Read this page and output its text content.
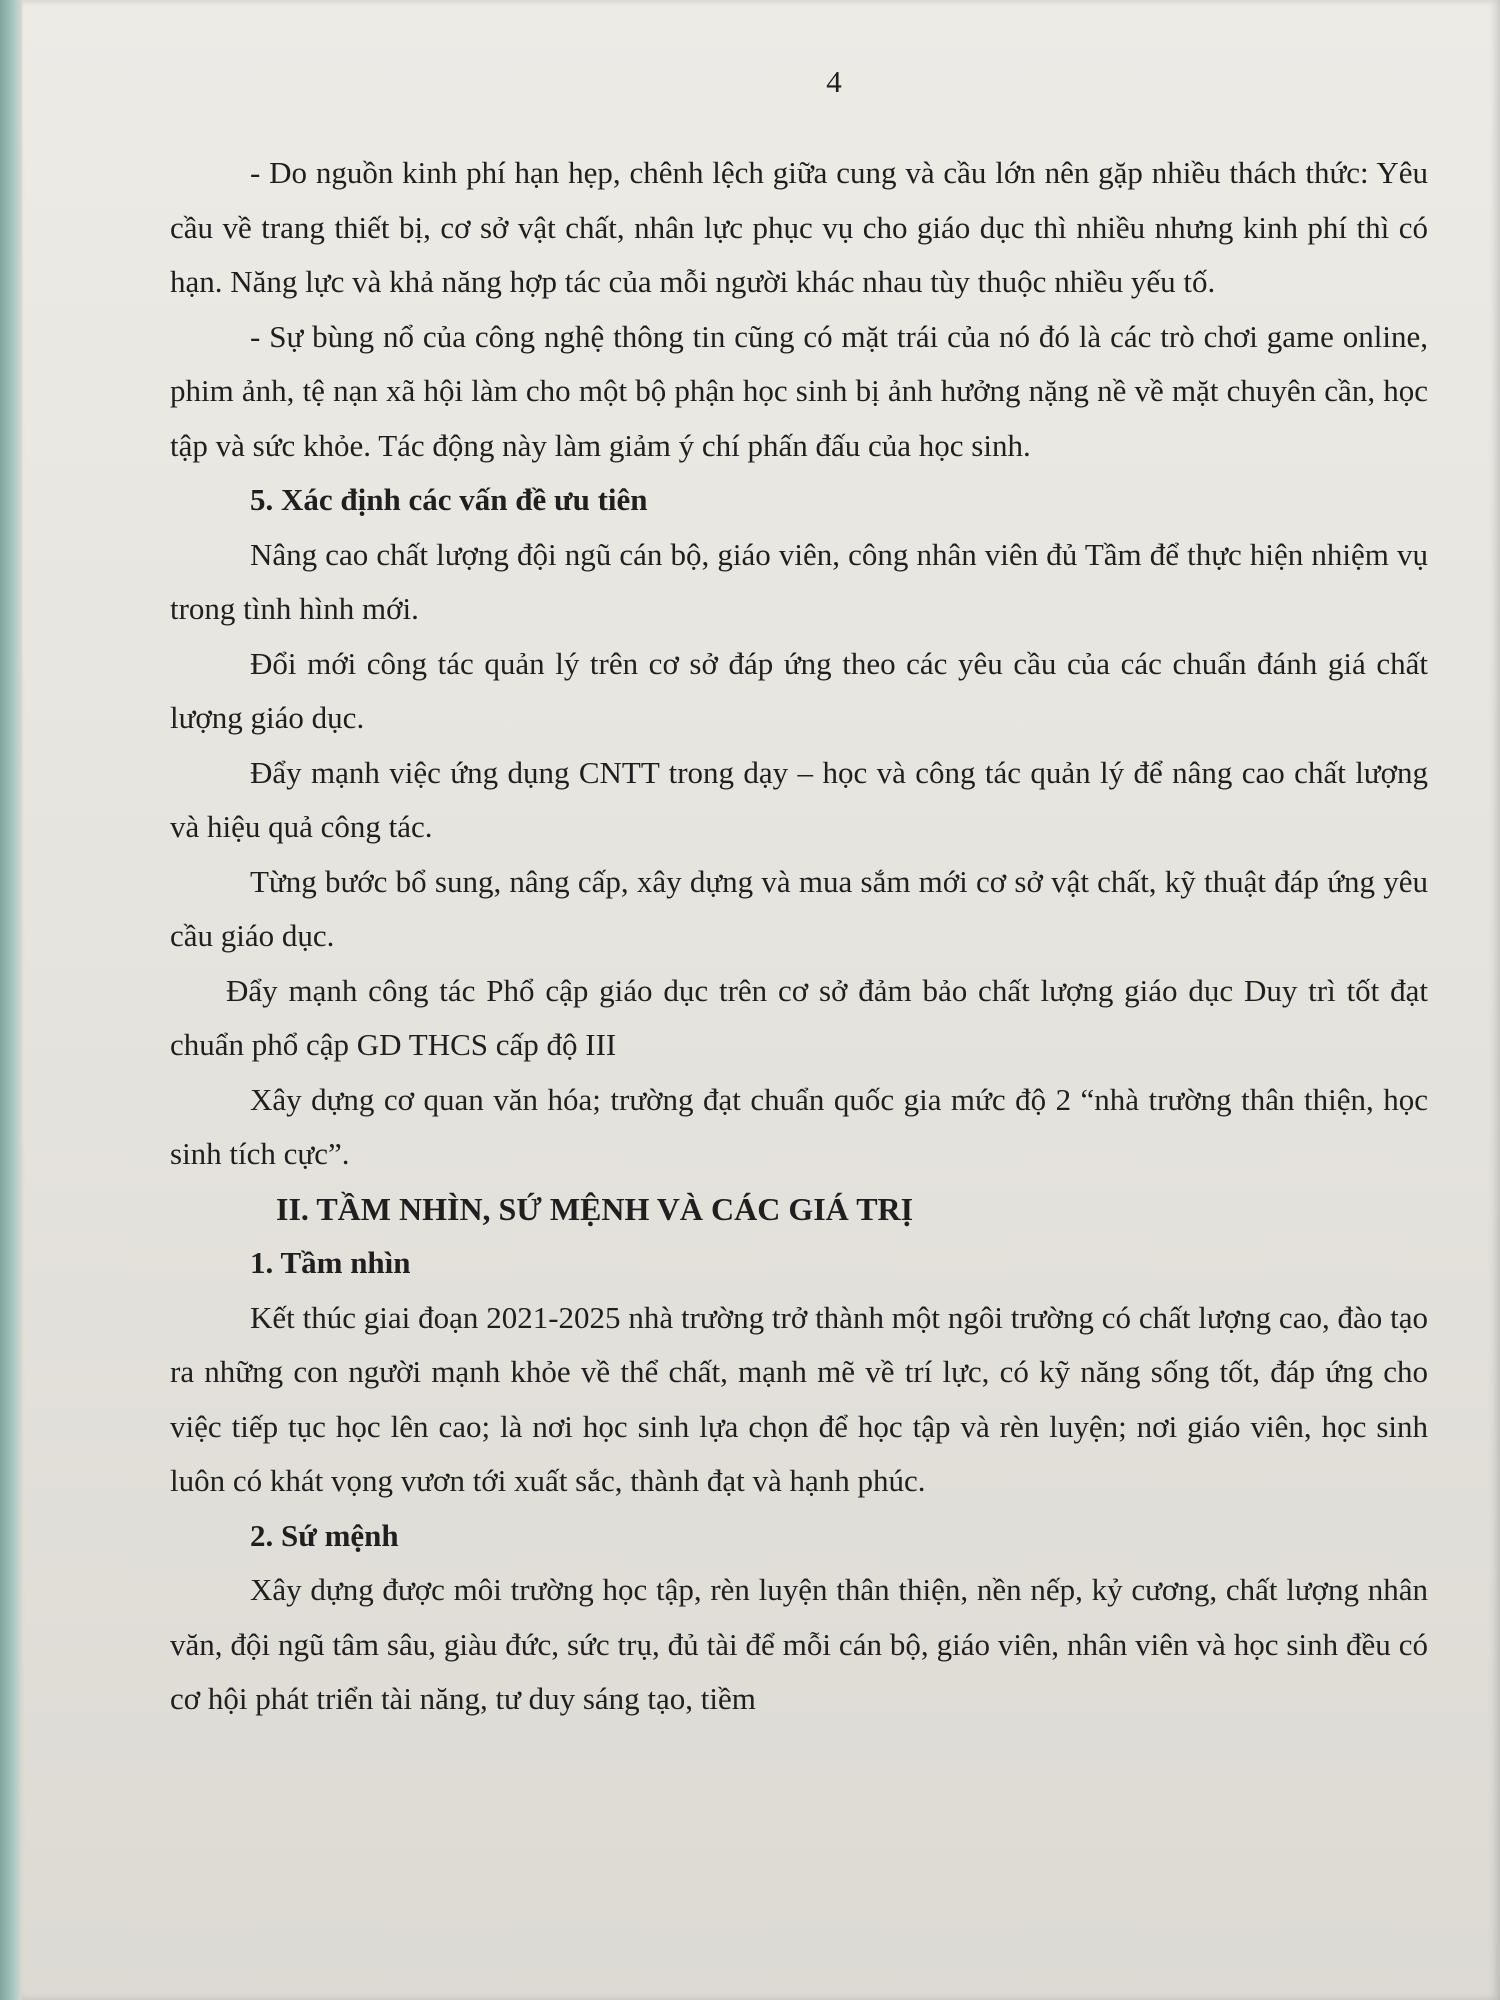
4

- Do nguồn kinh phí hạn hẹp, chênh lệch giữa cung và cầu lớn nên gặp nhiều thách thức: Yêu cầu về trang thiết bị, cơ sở vật chất, nhân lực phục vụ cho giáo dục thì nhiều nhưng kinh phí thì có hạn. Năng lực và khả năng hợp tác của mỗi người khác nhau tùy thuộc nhiều yếu tố.

- Sự bùng nổ của công nghệ thông tin cũng có mặt trái của nó đó là các trò chơi game online, phim ảnh, tệ nạn xã hội làm cho một bộ phận học sinh bị ảnh hưởng nặng nề về mặt chuyên cần, học tập và sức khỏe. Tác động này làm giảm ý chí phấn đấu của học sinh.

5. Xác định các vấn đề ưu tiên

Nâng cao chất lượng đội ngũ cán bộ, giáo viên, công nhân viên đủ Tầm để thực hiện nhiệm vụ trong tình hình mới.

Đổi mới công tác quản lý trên cơ sở đáp ứng theo các yêu cầu của các chuẩn đánh giá chất lượng giáo dục.

Đẩy mạnh việc ứng dụng CNTT trong dạy – học và công tác quản lý để nâng cao chất lượng và hiệu quả công tác.

Từng bước bổ sung, nâng cấp, xây dựng và mua sắm mới cơ sở vật chất, kỹ thuật đáp ứng yêu cầu giáo dục.

Đẩy mạnh công tác Phổ cập giáo dục trên cơ sở đảm bảo chất lượng giáo dục Duy trì tốt đạt chuẩn phổ cập GD THCS cấp độ III

Xây dựng cơ quan văn hóa; trường đạt chuẩn quốc gia mức độ 2 “nhà trường thân thiện, học sinh tích cực”.

II. TẦM NHÌN, SỨ MỆNH VÀ CÁC GIÁ TRỊ

1. Tầm nhìn

Kết thúc giai đoạn 2021-2025 nhà trường trở thành một ngôi trường có chất lượng cao, đào tạo ra những con người mạnh khỏe về thể chất, mạnh mẽ về trí lực, có kỹ năng sống tốt, đáp ứng cho việc tiếp tục học lên cao; là nơi học sinh lựa chọn để học tập và rèn luyện; nơi giáo viên, học sinh luôn có khát vọng vươn tới xuất sắc, thành đạt và hạnh phúc.

2. Sứ mệnh

Xây dựng được môi trường học tập, rèn luyện thân thiện, nền nếp, kỷ cương, chất lượng nhân văn, đội ngũ tâm sâu, giàu đức, sức trụ, đủ tài để mỗi cán bộ, giáo viên, nhân viên và học sinh đều có cơ hội phát triển tài năng, tư duy sáng tạo, tiềm
